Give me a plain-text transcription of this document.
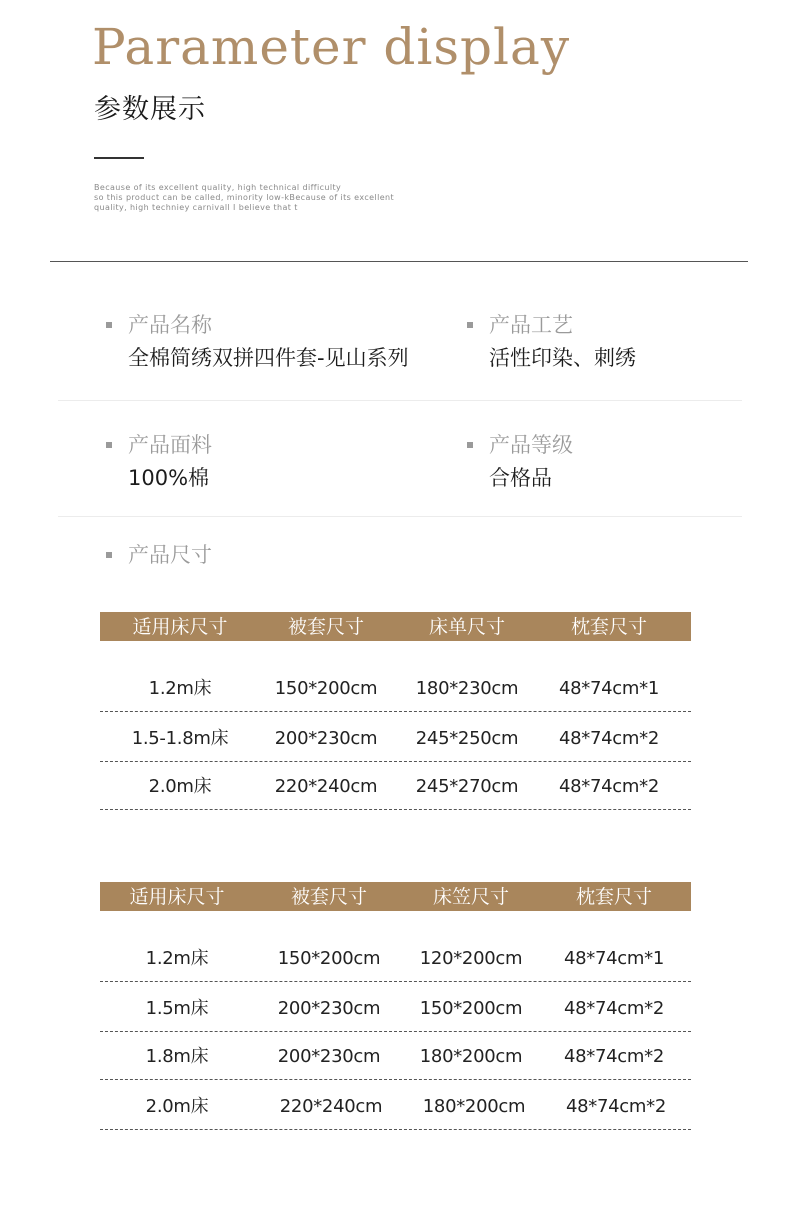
Parameter display
参数展示
Because of its excellent quality, high technical difficulty
so this product can be called, minority low-kBecause of its excellent
quality, high techniey carnivall I believe that t
产品名称
全棉简绣双拼四件套-见山系列
产品工艺
活性印染、刺绣
产品面料
100%棉
产品等级
合格品
产品尺寸
适用床尺寸	被套尺寸	床单尺寸	枕套尺寸
1.2m床	150*200cm 180*230cm 48*74cm*1
1.5-1.8m床	200*230cm 245*250cm 48*74cm*2
2.0m床	220*240cm 245*270cm 48*74cm*2
适用床尺寸	被套尺寸	床笠尺寸	枕套尺寸
1.2m床	150*200cm 120*200cm 48*74cm*1
1.5m床	200*230cm 150*200cm 48*74cm*2
1.8m床	200*230cm 180*200cm 48*74cm*2
2.0m床	220*240cm 180*200cm 48*74cm*2
